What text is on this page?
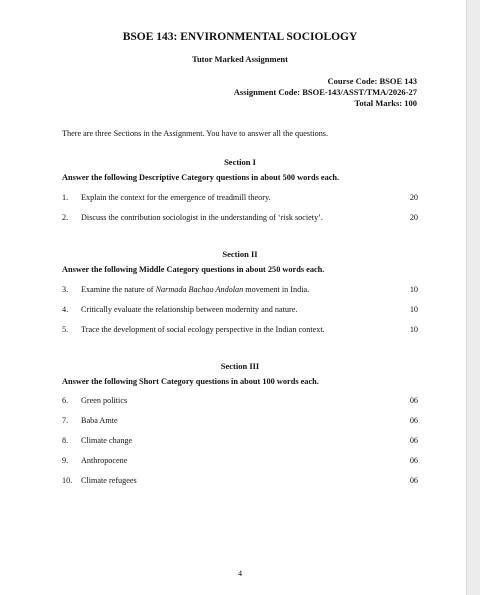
BSOE 143: ENVIRONMENTAL SOCIOLOGY
Tutor Marked Assignment
Course Code: BSOE 143
Assignment Code: BSOE-143/ASST/TMA/2026-27
Total Marks: 100
There are three Sections in the Assignment. You have to answer all the questions.
Section I
Answer the following Descriptive Category questions in about 500 words each.
1. Explain the context for the emergence of treadmill theory.	20
2. Discuss the contribution sociologist in the understanding of ‘risk society’.	20
Section II
Answer the following Middle Category questions in about 250 words each.
3. Examine the nature of Narmada Bachao Andolan movement in India.	10
4. Critically evaluate the relationship between modernity and nature.	10
5. Trace the development of social ecology perspective in the Indian context.	10
Section III
Answer the following Short Category questions in about 100 words each.
6. Green politics	06
7. Baba Amte	06
8. Climate change	06
9. Anthropocene	06
10. Climate refugees	06
4
